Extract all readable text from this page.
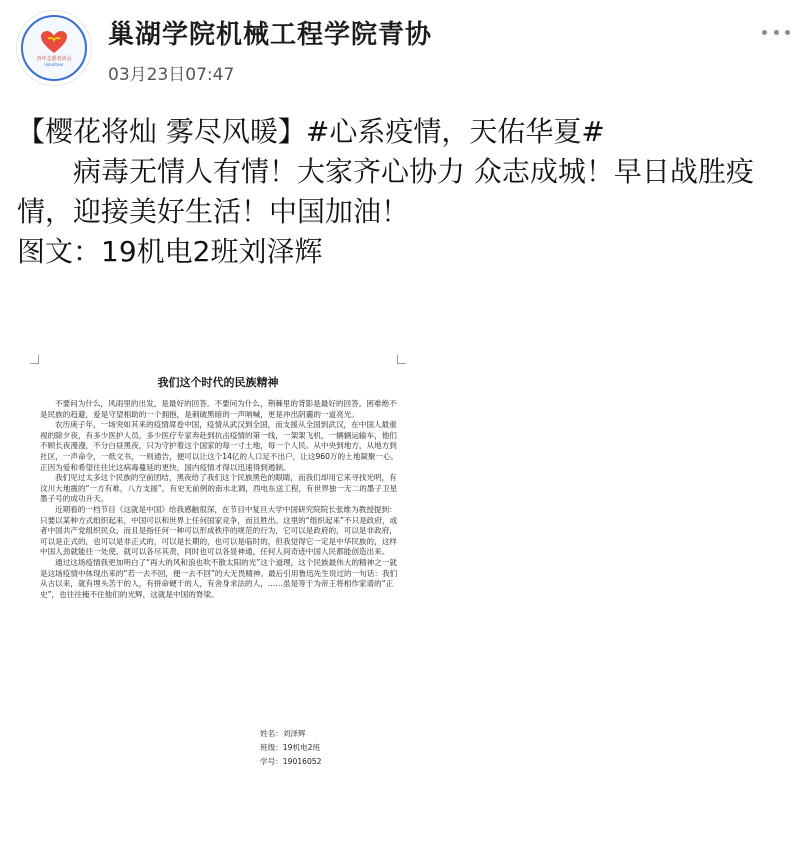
青年志愿者协会
volunteer
巢湖学院机械工程学院青协
03月23日07:47

【樱花将灿 雾尽风暖】#心系疫情，天佑华夏#

病毒无情人有情！大家齐心协力 众志成城！早日战胜疫情，迎接美好生活！中国加油！

图文：19机电2班刘泽辉

我们这个时代的民族精神

不要问为什么，风雨里的出发，是最好的回答。不要问为什么，荆棘里的背影是最好的回答。困难绝不是民族的趋避，爱是守望相助的一个拥抱，是刺破黑暗的一声呐喊，更是冲出阴霾的一道亮光。

农历庚子年，一场突如其来的疫情席卷中国，疫情从武汉到全国，而支援从全国到武汉，在中国人最重视的除夕夜，有多少医护人员，多少医疗专家奔赴到抗击疫情的第一线，一架架飞机，一辆辆运输车，他们不顾长夜漫漫，不分白昼黑夜，只为守护着这个国家的每一寸土地，每一个人民。从中央到地方，从地方到社区，一声命令，一纸文书，一则通告，便可以让这个14亿的人口足不出户，让这960万的土地凝聚一心。正因为爱和希望往往比这病毒蔓延的更快，国内疫情才得以迅速得到遏制。

我们见过太多这个民族的空前团结，黑夜给了我们这个民族黑色的眼睛，而我们却用它来寻找光明，有汶川大地震的“一方有难，八方支援”，有史无前例的南水北调，西电东送工程，有世界独一无二的墨子卫星墨子号的成功升天。

近期看的一档节目《这就是中国》给我感触很深，在节目中复旦大学中国研究院院长张维为教授提到：只要以某种方式组织起来，中国可以和世界上任何国家竞争，而且胜出。这里的“组织起来”不只是政府，或者中国共产党组织民众，而且是指任何一种可以形成秩序的规范的行为，它可以是政府的，可以是非政府，可以是正式的，也可以是非正式的，可以是长期的，也可以是临时的，但我觉得它一定是中华民族的，这样中国人劲就能往一处使，就可以各尽其责，同时也可以各显神通，任何人间奇迹中国人民都能创造出来。

通过这场疫情我更加明白了“再大的风和浪也吹不散太阳的光”这个道理，这个民族最伟大的精神之一就是这场疫情中体现出来的“若一去不回，便一去不回”的大无畏精神。最后引用鲁迅先生说过的一句话：我们从古以来，就有埋头苦干的人，有拼命硬干的人，有舍身求法的人，……虽是等于为帝王将相作家谱的“正史”，也往往掩不住他们的光辉，这就是中国的脊梁。

姓名：刘泽辉
班级：19机电2班
学号：19016052
